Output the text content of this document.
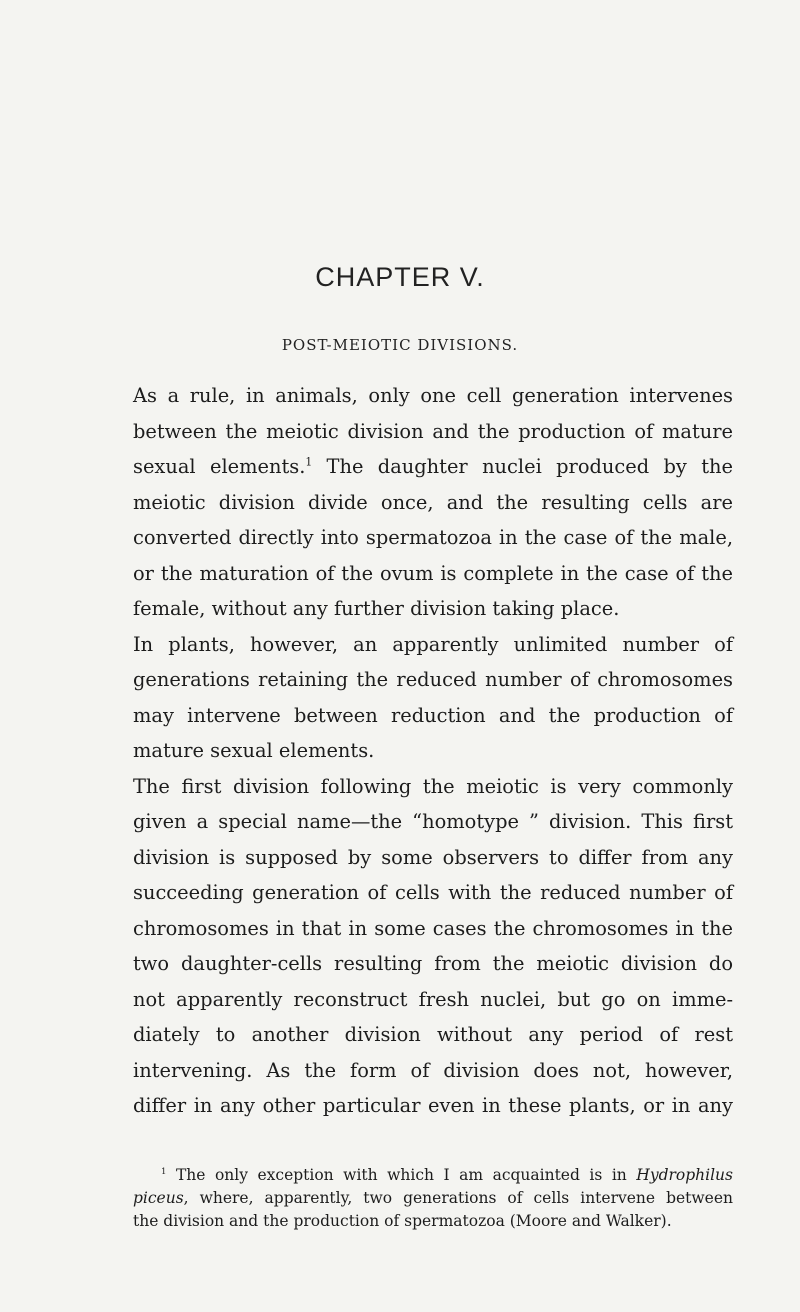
CHAPTER V.
POST-MEIOTIC DIVISIONS.
As a rule, in animals, only one cell generation intervenes
between the meiotic division and the production of mature
sexual elements.$^1$ The daughter nuclei produced by the
meiotic division divide once, and the resulting cells are
converted directly into spermatozoa in the case of the male,
or the maturation of the ovum is complete in the case of the
female, without any further division taking place.
In plants, however, an apparently unlimited number of
generations retaining the reduced number of chromosomes
may intervene between reduction and the production of
mature sexual elements.
The first division following the meiotic is very commonly
given a special name—the “homotype ” division. This first
division is supposed by some observers to differ from any
succeeding generation of cells with the reduced number of
chromosomes in that in some cases the chromosomes in the
two daughter-cells resulting from the meiotic division do
not apparently reconstruct fresh nuclei, but go on imme-
diately to another division without any period of rest
intervening. As the form of division does not, however,
differ in any other particular even in these plants, or in any
$^1$ The only exception with which I am acquainted is in Hydrophilus
piceus, where, apparently, two generations of cells intervene between
the division and the production of spermatozoa (Moore and Walker).
